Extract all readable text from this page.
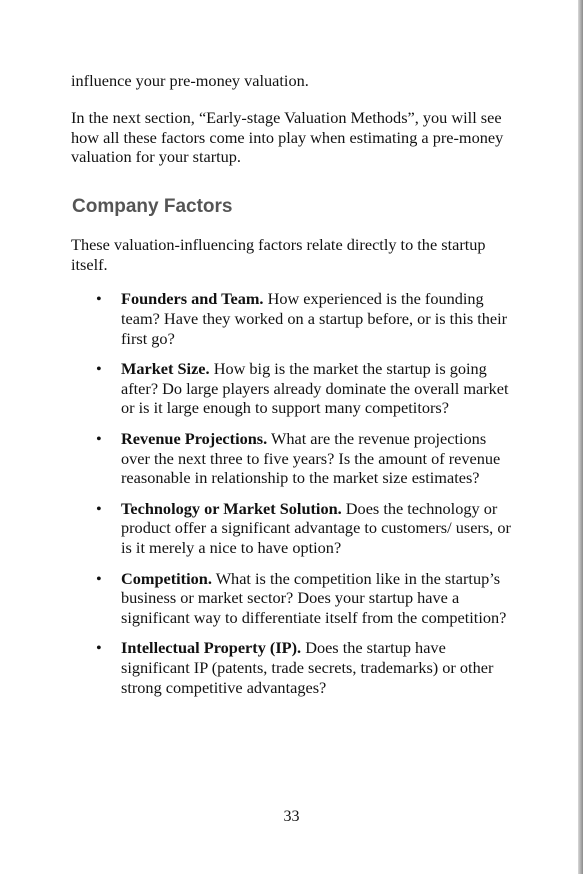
influence your pre-money valuation.

In the next section, “Early-stage Valuation Methods”, you will see how all these factors come into play when estimating a pre-money valuation for your startup.

Company Factors

These valuation-influencing factors relate directly to the startup itself.

• Founders and Team. How experienced is the founding team? Have they worked on a startup before, or is this their first go?
• Market Size. How big is the market the startup is going after? Do large players already dominate the overall market or is it large enough to support many competitors?
• Revenue Projections. What are the revenue projections over the next three to five years? Is the amount of revenue reasonable in relationship to the market size estimates?
• Technology or Market Solution. Does the technology or product offer a significant advantage to customers/ users, or is it merely a nice to have option?
• Competition. What is the competition like in the startup’s business or market sector? Does your startup have a significant way to differentiate itself from the competition?
• Intellectual Property (IP). Does the startup have significant IP (patents, trade secrets, trademarks) or other strong competitive advantages?
33
